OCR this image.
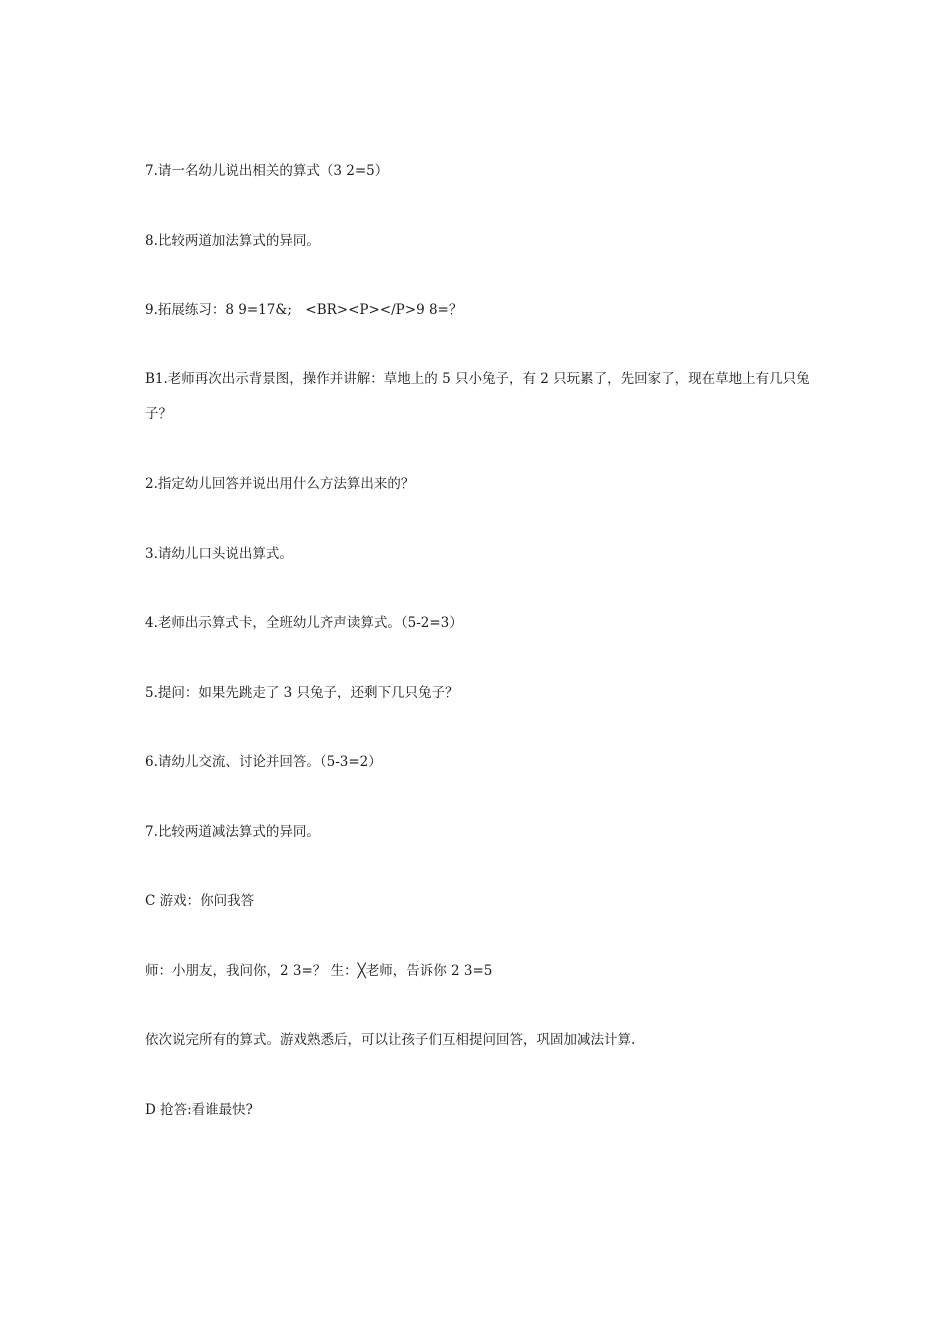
7.请一名幼儿说出相关的算式（3 2=5）

8.比较两道加法算式的异同。

9.拓展练习：8 9=17&;　<BR><P></P>9 8=？

B1.老师再次出示背景图，操作并讲解：草地上的 5 只小兔子，有 2 只玩累了，先回家了，现在草地上有几只兔子？

2.指定幼儿回答并说出用什么方法算出来的？

3.请幼儿口头说出算式。

4.老师出示算式卡，全班幼儿齐声读算式。（5-2=3）

5.提问：如果先跳走了 3 只兔子，还剩下几只兔子？

6.请幼儿交流、讨论并回答。（5-3=2）

7.比较两道减法算式的异同。

C 游戏：你问我答

师：小朋友，我问你，2 3=？ 生：╳老师，告诉你 2 3=5

依次说完所有的算式。游戏熟悉后，可以让孩子们互相提问回答，巩固加减法计算.

D 抢答:看谁最快?
